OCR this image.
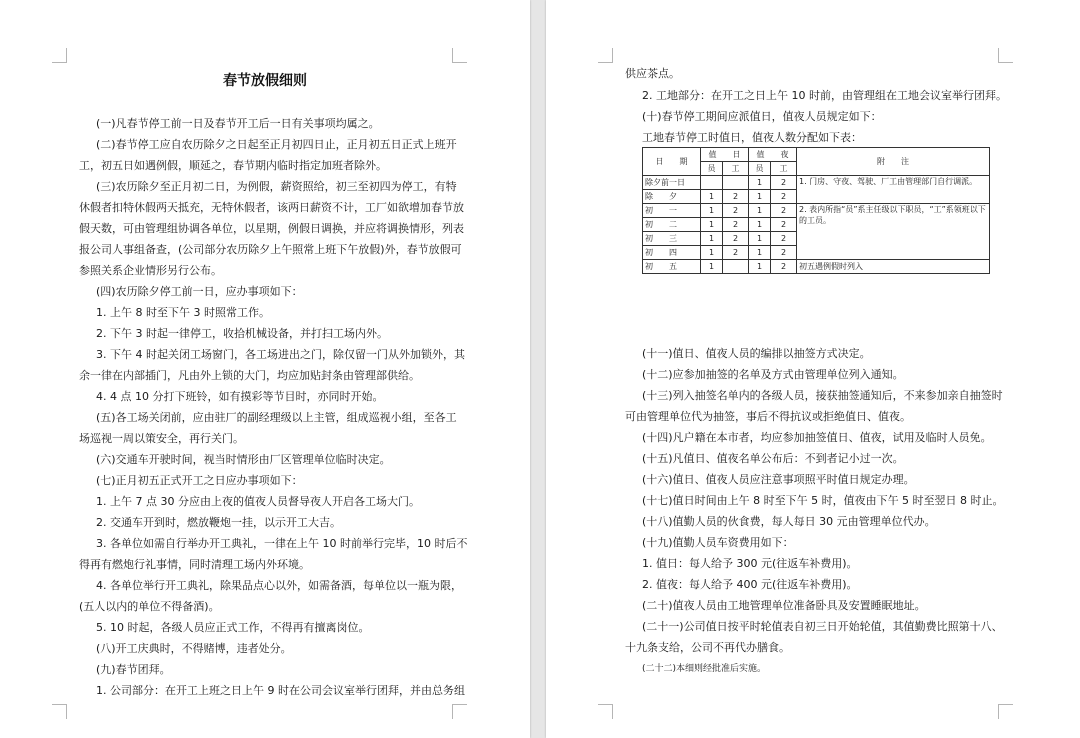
春节放假细则
(一)凡春节停工前一日及春节开工后一日有关事项均属之。
(二)春节停工应自农历除夕之日起至正月初四日止，正月初五日正式上班开
工，初五日如遇例假，顺延之，春节期内临时指定加班者除外。
(三)农历除夕至正月初二日，为例假，薪资照给，初三至初四为停工，有特
休假者扣特休假两天抵充，无特休假者，该两日薪资不计，工厂如欲增加春节放
假天数，可由管理组协调各单位，以星期，例假日调换，并应将调换情形，列表
报公司人事组备查，(公司部分农历除夕上午照常上班下午放假)外，春节放假可
参照关系企业情形另行公布。
(四)农历除夕停工前一日，应办事项如下：
1. 上午 8 时至下午 3 时照常工作。
2. 下午 3 时起一律停工，收拾机械设备，并打扫工场内外。
3. 下午 4 时起关闭工场窗门，各工场进出之门，除仅留一门从外加锁外，其
余一律在内部插门，凡由外上锁的大门，均应加贴封条由管理部供给。
4. 4 点 10 分打下班铃，如有摸彩等节目时，亦同时开始。
(五)各工场关闭前，应由驻厂的副经理级以上主管，组成巡视小组，至各工
场巡视一周以策安全，再行关门。
(六)交通车开驶时间，视当时情形由厂区管理单位临时决定。
(七)正月初五正式开工之日应办事项如下：
1. 上午 7 点 30 分应由上夜的值夜人员督导夜人开启各工场大门。
2. 交通车开到时，燃放鞭炮一挂，以示开工大吉。
3. 各单位如需自行举办开工典礼，一律在上午 10 时前举行完毕，10 时后不
得再有燃炮行礼事情，同时清理工场内外环境。
4. 各单位举行开工典礼，除果品点心以外，如需备酒，每单位以一瓶为限，
(五人以内的单位不得备酒)。
5. 10 时起，各级人员应正式工作，不得再有擅离岗位。
(八)开工庆典时，不得赌博，违者处分。
(九)春节团拜。
1. 公司部分：在开工上班之日上午 9 时在公司会议室举行团拜，并由总务组
供应茶点。
2. 工地部分：在开工之日上午 10 时前，由管理组在工地会议室举行团拜。
(十)春节停工期间应派值日，值夜人员规定如下：
工地春节停工时值日，值夜人数分配如下表：
日　　期	值　　日		值　　夜		附　　注
	员	工	员	工	
除夕前一日			1	2	1. 门房、守夜、驾驶、厂工由管理部门自行调派。
除　　夕	1	2	1	2	
初　　一	1	2	1	2	2. 表内所指“员”系主任级以下职员，“工”系领班以下的工员。
初　　二	1	2	1	2	
初　　三	1	2	1	2	
初　　四	1	2	1	2	
初　　五	1		1	2	初五遇例假时列入
(十一)值日、值夜人员的编排以抽签方式决定。
(十二)应参加抽签的名单及方式由管理单位列入通知。
(十三)列入抽签名单内的各级人员，接获抽签通知后，不来参加亲自抽签时
可由管理单位代为抽签，事后不得抗议或拒绝值日、值夜。
(十四)凡户籍在本市者，均应参加抽签值日、值夜，试用及临时人员免。
(十五)凡值日、值夜名单公布后：不到者记小过一次。
(十六)值日、值夜人员应注意事项照平时值日规定办理。
(十七)值日时间由上午 8 时至下午 5 时，值夜由下午 5 时至翌日 8 时止。
(十八)值勤人员的伙食费，每人每日 30 元由管理单位代办。
(十九)值勤人员车资费用如下：
1. 值日：每人给予 300 元(往返车补费用)。
2. 值夜：每人给予 400 元(往返车补费用)。
(二十)值夜人员由工地管理单位准备卧具及安置睡眠地址。
(二十一)公司值日按平时轮值表自初三日开始轮值，其值勤费比照第十八、
十九条支给，公司不再代办膳食。
(二十二)本细则经批准后实施。
